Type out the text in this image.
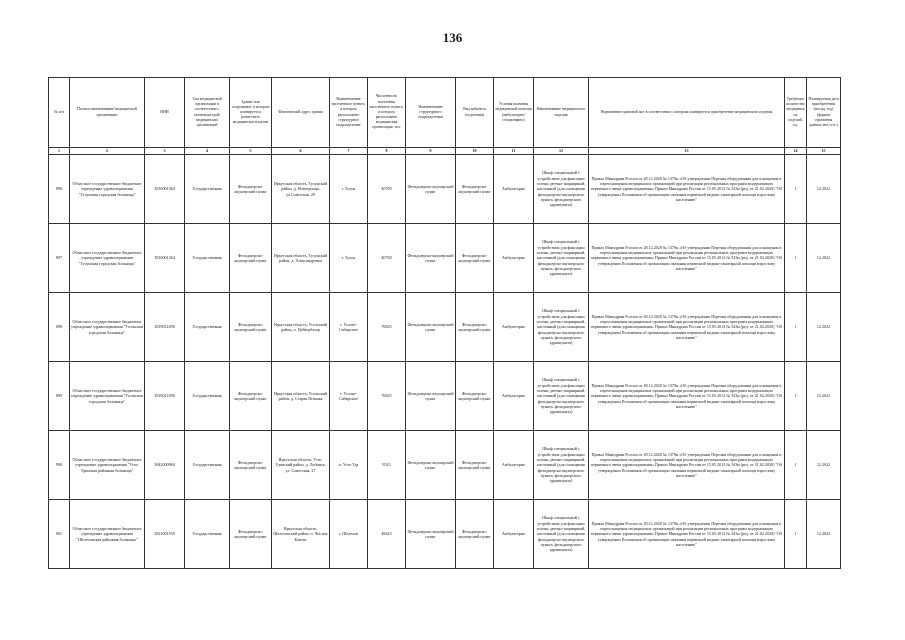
136
№ п/п	Полное наименование медицинской организации	ИНН	Тип медицинской организации в соответствии с номенклатурой медицинских организаций	Здание или сооружение, в котором планируется разместить медицинское изделие	Фактический адрес здания	Наименование населенного пункта, в котором расположено структурное подразделение	Численность населения населенного пункта, в котором расположено медицинская организация, чел.	Наименование структурного подразделения	Вид кабинета (отделения)	Условия оказания медицинской помощи (амбулаторно/стационарно)	Наименование медицинского изделия	Нормативно-правовой акт, в соответствии с которым планируется приобретение медицинского изделия	Требуемое количество медицинских изделий, ед.	Планируемая дата приобретения (месяц, год) (формат отражения данных мм. гггг.)
1	2	3	4	5	6	7	8	9	10	11	12	13	14	15
896	Областное государственное бюджетное учреждение здравоохранения "Тулунская городская больница"	3816001364	Государственная	Фельдшерско-акушерский пункт	Иркутская область, Тулунский район, д. Новотроица, ул.Советская, 29	г. Тулун	40700	Фельдшерско-акушерский пункт	Фельдшерско-акушерский пункт	Амбулаторно	Шкаф специальный с устройством для фиксации голени, реечно-шарнирный, настенный (для оснащения фельдшерско-акушерского пункта, фельдшерского здравпункта)	Приказ Минздрава России от 28.12.2020 № 1379н «Об утверждении Перечня оборудования для оснащения и переоснащения медицинских организаций при реализации региональных программ модернизации первичного звена здравоохранения» Приказ Минздрава России от 15.05.2012 № 543н (ред. от 21.02.2020) "Об утверждении Положения об организации оказания первичной медико-санитарной помощи взрослому населению"	1	12.2022
897	Областное государственное бюджетное учреждение здравоохранения "Тулунская городская больница"	3816001364	Государственная	Фельдшерско-акушерский пункт	Иркутская область, Тулунский район, д. Александровка	г. Тулун	40700	Фельдшерско-акушерский пункт	Фельдшерско-акушерский пункт	Амбулаторно	Шкаф специальный с устройством для фиксации голени, реечно-шарнирный, настенный (для оснащения фельдшерско-акушерского пункта, фельдшерского здравпункта)	Приказ Минздрава России от 28.12.2020 № 1379н «Об утверждении Перечня оборудования для оснащения и переоснащения медицинских организаций при реализации региональных программ модернизации первичного звена здравоохранения» Приказ Минздрава России от 15.05.2012 № 543н (ред. от 21.02.2020) "Об утверждении Положения об организации оказания первичной медико-санитарной помощи взрослому населению"	1	12.2022
898	Областное государственное бюджетное учреждение здравоохранения "Усольская городская больница"	3819012290	Государственная	Фельдшерско-акушерский пункт	Иркутская область, Усольский район, п. Цейзербахер	г. Усолье-Сибирское	76825	Фельдшерско-акушерский пункт	Фельдшерско-акушерский пункт	Амбулаторно	Шкаф специальный с устройством для фиксации голени, реечно-шарнирный, настенный (для оснащения фельдшерско-акушерского пункта, фельдшерского здравпункта)	Приказ Минздрава России от 28.12.2020 № 1379н «Об утверждении Перечня оборудования для оснащения и переоснащения медицинских организаций при реализации региональных программ модернизации первичного звена здравоохранения» Приказ Минздрава России от 15.05.2012 № 543н (ред. от 21.02.2020) "Об утверждении Положения об организации оказания первичной медико-санитарной помощи взрослому населению"	1	12.2022
899	Областное государственное бюджетное учреждение здравоохранения "Усольская городская больница"	3819012290	Государственная	Фельдшерско-акушерский пункт	Иркутская область, Усольский район, д. Старая Ясачная	г. Усолье-Сибирское	76825	Фельдшерско-акушерский пункт	Фельдшерско-акушерский пункт	Амбулаторно	Шкаф специальный с устройством для фиксации голени, реечно-шарнирный, настенный (для оснащения фельдшерско-акушерского пункта, фельдшерского здравпункта)	Приказ Минздрава России от 28.12.2020 № 1379н «Об утверждении Перечня оборудования для оснащения и переоснащения медицинских организаций при реализации региональных программ модернизации первичного звена здравоохранения» Приказ Минздрава России от 15.05.2012 № 543н (ред. от 21.02.2020) "Об утверждении Положения об организации оказания первичной медико-санитарной помощи взрослому населению"	1	12.2022
900	Областное государственное бюджетное учреждение здравоохранения "Усть-Удинская районная больница"	3842000960	Государственная	Фельдшерско-акушерский пункт	Иркутская область, Усть-Удинский район, д. Лобинск, ул. Советская, 27	п. Усть-Уда	9523	Фельдшерско-акушерский пункт	Фельдшерско-акушерский пункт	Амбулаторно	Шкаф специальный с устройством для фиксации голени, реечно-шарнирный, настенный (для оснащения фельдшерско-акушерского пункта, фельдшерского здравпункта)	Приказ Минздрава России от 28.12.2020 № 1379н «Об утверждении Перечня оборудования для оснащения и переоснащения медицинских организаций при реализации региональных программ модернизации первичного звена здравоохранения» Приказ Минздрава России от 15.05.2012 № 543н (ред. от 21.02.2020) "Об утверждении Положения об организации оказания первичной медико-санитарной помощи взрослому населению"	1	12.2022
901	Областное государственное бюджетное учреждение здравоохранения "Шелеховская районная больница"	3821001559	Государственная	Фельдшерско-акушерский пункт	Иркутская область, Шелеховский район, п. Чистые Ключи	г. Шелехов	48423	Фельдшерско-акушерский пункт	Фельдшерско-акушерский пункт	Амбулаторно	Шкаф специальный с устройством для фиксации голени, реечно-шарнирный, настенный (для оснащения фельдшерско-акушерского пункта, фельдшерского здравпункта)	Приказ Минздрава России от 28.12.2020 № 1379н «Об утверждении Перечня оборудования для оснащения и переоснащения медицинских организаций при реализации региональных программ модернизации первичного звена здравоохранения» Приказ Минздрава России от 15.05.2012 № 543н (ред. от 21.02.2020) "Об утверждении Положения об организации оказания первичной медико-санитарной помощи взрослому населению"	1	12.2022
